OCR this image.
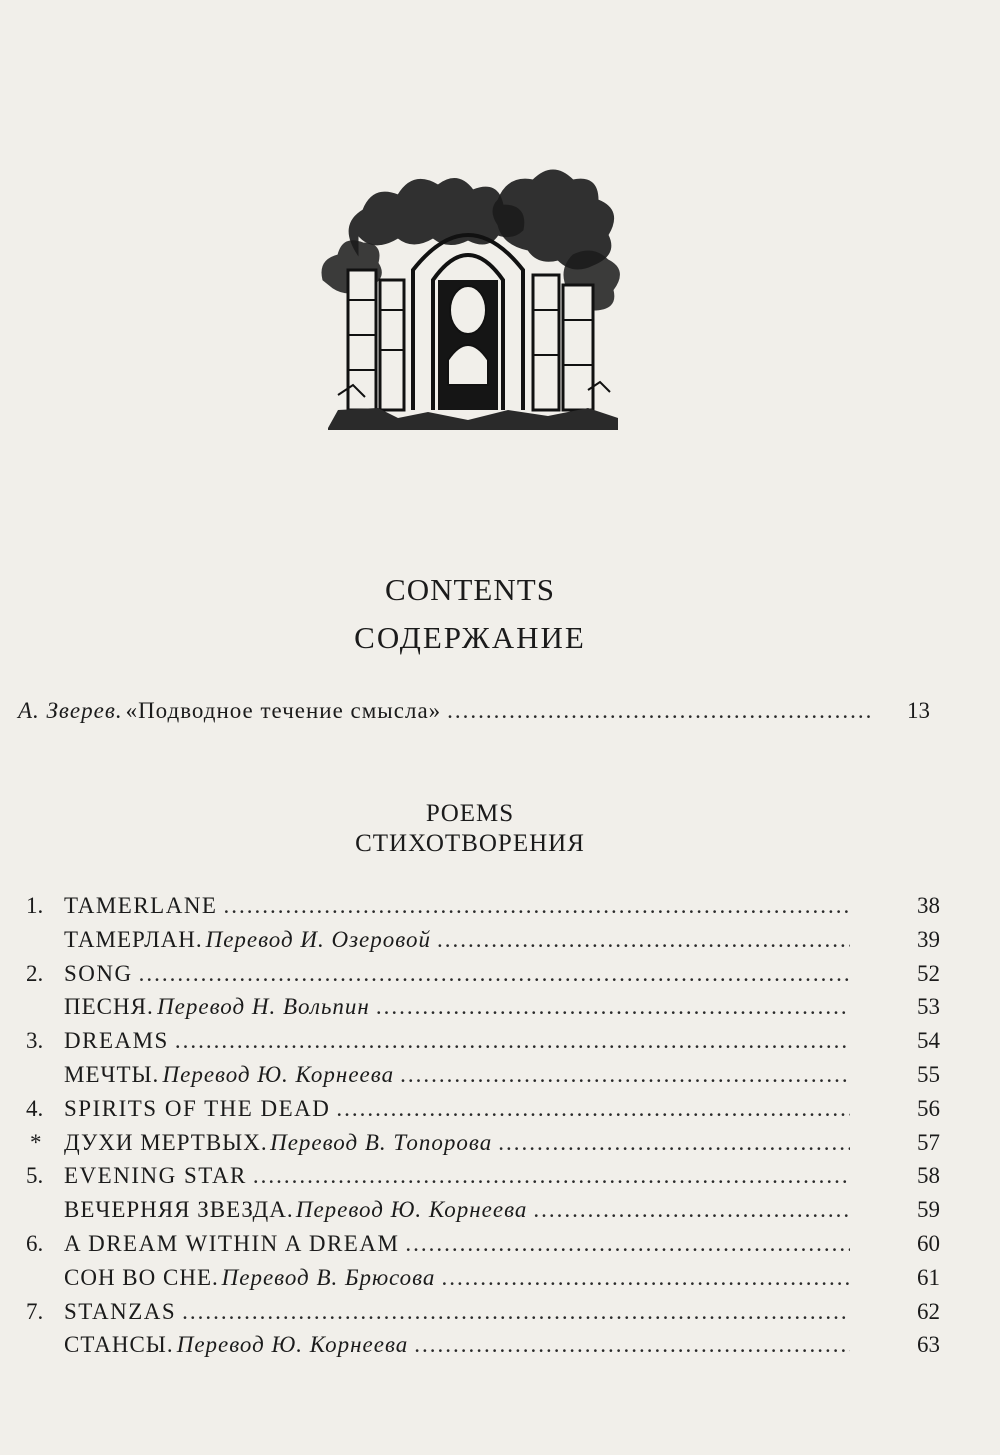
CONTENTS
СОДЕРЖАНИЕ
А. Зверев. «Подводное течение смысла» .....	13
POEMS
СТИХОТВОРЕНИЯ
1. TAMERLANE .....	38
ТАМЕРЛАН. Перевод И. Озеровой .....	39
2. SONG .....	52
ПЕСНЯ. Перевод Н. Вольпин .....	53
3. DREAMS .....	54
МЕЧТЫ. Перевод Ю. Корнеева .....	55
4. SPIRITS OF THE DEAD .....	56
* ДУХИ МЕРТВЫХ. Перевод В. Топорова .....	57
5. EVENING STAR .....	58
ВЕЧЕРНЯЯ ЗВЕЗДА. Перевод Ю. Корнеева .....	59
6. A DREAM WITHIN A DREAM .....	60
СОН ВО СНЕ. Перевод В. Брюсова .....	61
7. STANZAS .....	62
СТАНСЫ. Перевод Ю. Корнеева .....	63
